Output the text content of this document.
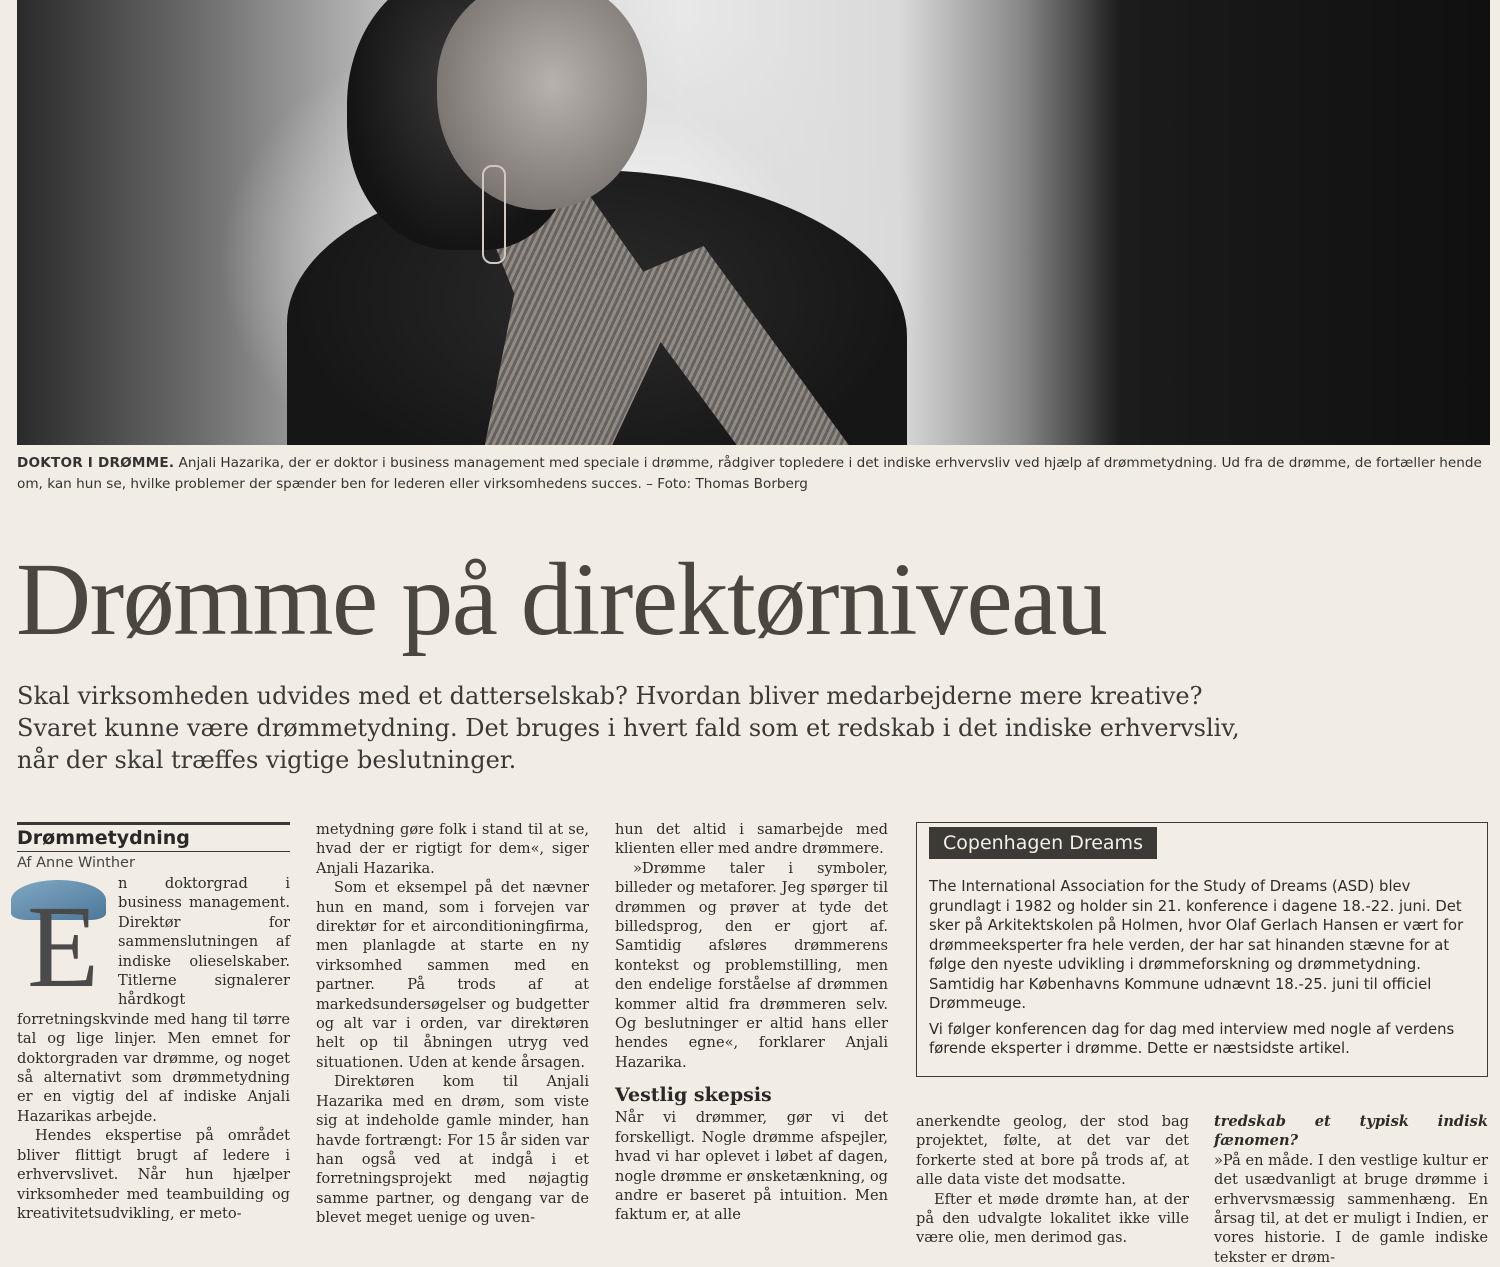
DOKTOR I DRØMME. Anjali Hazarika, der er doktor i business management med speciale i drømme, rådgiver topledere i det indiske erhvervsliv ved hjælp af drømmetydning. Ud fra de drømme, de fortæller hende om, kan hun se, hvilke problemer der spænder ben for lederen eller virksomhedens succes. – Foto: Thomas Borberg
Drømme på direktørniveau
Skal virksomheden udvides med et datterselskab? Hvordan bliver medarbejderne mere kreative? Svaret kunne være drømmetydning. Det bruges i hvert fald som et redskab i det indiske erhvervsliv, når der skal træffes vigtige beslutninger.

Drømmetydning

Af Anne Winther

E	n doktorgrad i business management. Direktør for sammenslutningen af indiske olieselskaber. Titlerne signalerer hårdkogt forretningskvinde med hang til tørre tal og lige linjer. Men emnet for doktorgraden var drømme, og noget så alternativt som drømmetydning er en vigtig del af indiske Anjali Hazarikas arbejde.

Hendes ekspertise på området bliver flittigt brugt af ledere i erhvervslivet. Når hun hjælper virksomheder med teambuilding og kreativitetsudvikling, er meto-

metydning gøre folk i stand til at se, hvad der er rigtigt for dem«, siger Anjali Hazarika.

Som et eksempel på det nævner hun en mand, som i forvejen var direktør for et airconditioningfirma, men planlagde at starte en ny virksomhed sammen med en partner. På trods af at markedsundersøgelser og budgetter og alt var i orden, var direktøren helt op til åbningen utryg ved situationen. Uden at kende årsagen.

Direktøren kom til Anjali Hazarika med en drøm, som viste sig at indeholde gamle minder, han havde fortrængt: For 15 år siden var han også ved at indgå i et forretningsprojekt med nøjagtig samme partner, og dengang var de blevet meget uenige og uven-

hun det altid i samarbejde med klienten eller med andre drømmere.

»Drømme taler i symboler, billeder og metaforer. Jeg spørger til drømmen og prøver at tyde det billedsprog, den er gjort af. Samtidig afsløres drømmerens kontekst og problemstilling, men den endelige forståelse af drømmen kommer altid fra drømmeren selv. Og beslutninger er altid hans eller hendes egne«, forklarer Anjali Hazarika.

Vestlig skepsis

Når vi drømmer, gør vi det forskelligt. Nogle drømme afspejler, hvad vi har oplevet i løbet af dagen, nogle drømme er ønsketænkning, og andre er baseret på intuition. Men faktum er, at alle

Copenhagen Dreams

The International Association for the Study of Dreams (ASD) blev grundlagt i 1982 og holder sin 21. konference i dagene 18.-22. juni. Det sker på Arkitektskolen på Holmen, hvor Olaf Gerlach Hansen er vært for drømmeeksperter fra hele verden, der har sat hinanden stævne for at følge den nyeste udvikling i drømmeforskning og drømmetydning. Samtidig har Københavns Kommune udnævnt 18.-25. juni til officiel Drømmeuge.

Vi følger konferencen dag for dag med interview med nogle af verdens førende eksperter i drømme. Dette er næstsidste artikel.

anerkendte geolog, der stod bag projektet, følte, at det var det forkerte sted at bore på trods af, at alle data viste det modsatte.

Efter et møde drømte han, at der på den udvalgte lokalitet ikke ville være olie, men derimod gas.

tredskab et typisk indisk fænomen?

»På en måde. I den vestlige kultur er det usædvanligt at bruge drømme i erhvervsmæssig sammenhæng. En årsag til, at det er muligt i Indien, er vores historie. I de gamle indiske tekster er drøm-
